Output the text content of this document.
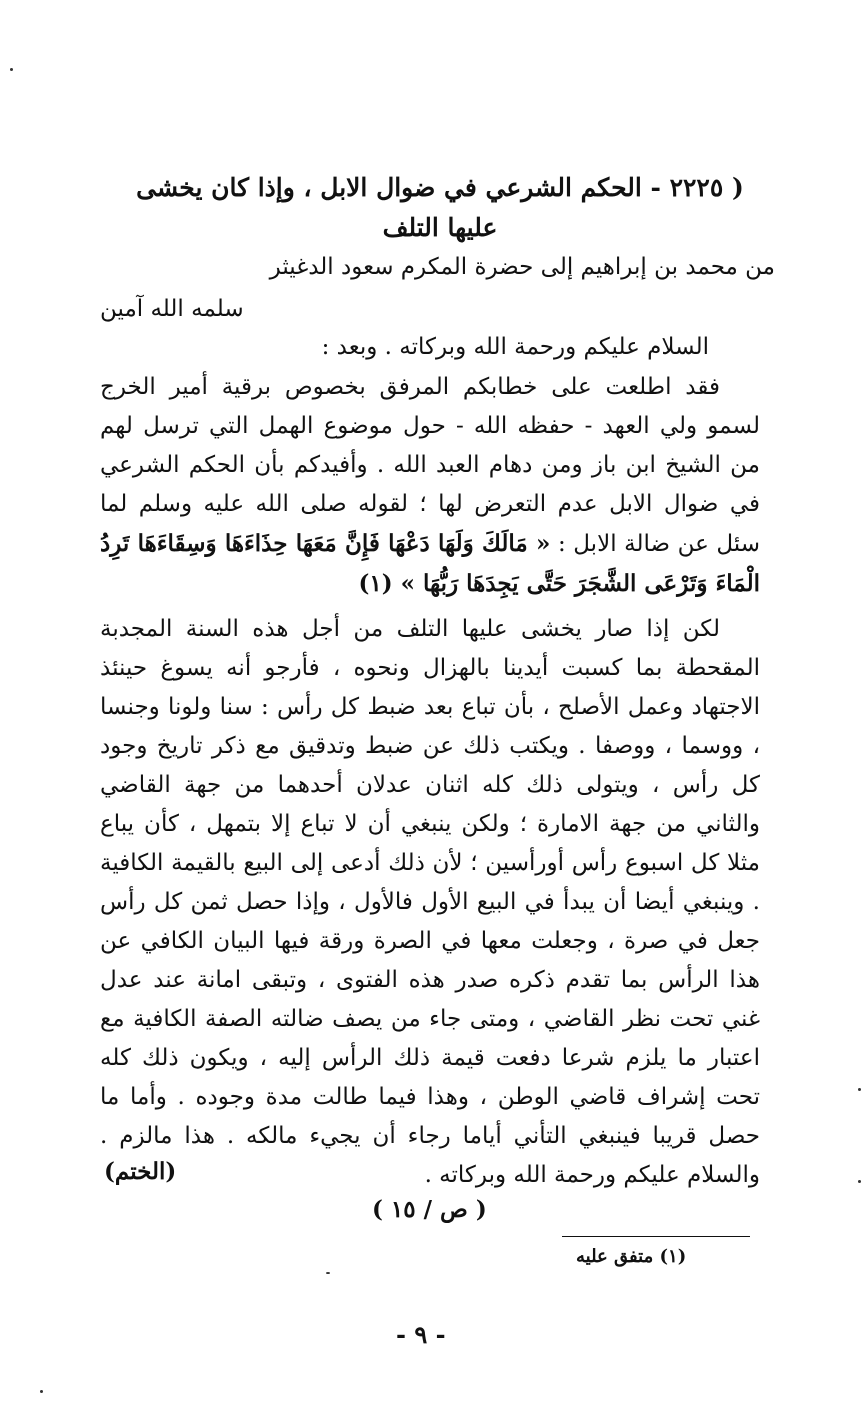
( ٢٢٢٥ - الحكم الشرعي في ضوال الابل ، وإذا كان يخشى عليها التلف
من محمد بن إبراهيم إلى حضرة المكرم سعود الدغيثر
سلمه الله آمين
السلام عليكم ورحمة الله وبركاته . وبعد :
فقد اطلعت على خطابكم المرفق بخصوص برقية أمير الخرج لسمو ولي العهد - حفظه الله - حول موضوع الهمل التي ترسل لهم من الشيخ ابن باز ومن دهام العبد الله . وأفيدكم بأن الحكم الشرعي في ضوال الابل عدم التعرض لها ؛ لقوله صلى الله عليه وسلم لما سئل عن ضالة الابل : « مَالَكَ وَلَهَا دَعْهَا فَإِنَّ مَعَهَا حِذَاءَهَا وَسِقَاءَهَا تَرِدُ الْمَاءَ وَتَرْعَى الشَّجَرَ حَتَّى يَجِدَهَا رَبُّهَا » (١)
لكن إذا صار يخشى عليها التلف من أجل هذه السنة المجدبة المقحطة بما كسبت أيدينا بالهزال ونحوه ، فأرجو أنه يسوغ حينئذ الاجتهاد وعمل الأصلح ، بأن تباع بعد ضبط كل رأس : سنا ولونا وجنسا ، ووسما ، ووصفا . ويكتب ذلك عن ضبط وتدقيق مع ذكر تاريخ وجود كل رأس ، ويتولى ذلك كله اثنان عدلان أحدهما من جهة القاضي والثاني من جهة الامارة ؛ ولكن ينبغي أن لا تباع إلا بتمهل ، كأن يباع مثلا كل اسبوع رأس أورأسين ؛ لأن ذلك أدعى إلى البيع بالقيمة الكافية . وينبغي أيضا أن يبدأ في البيع الأول فالأول ، وإذا حصل ثمن كل رأس جعل في صرة ، وجعلت معها في الصرة ورقة فيها البيان الكافي عن هذا الرأس بما تقدم ذكره صدر هذه الفتوى ، وتبقى امانة عند عدل غني تحت نظر القاضي ، ومتى جاء من يصف ضالته الصفة الكافية مع اعتبار ما يلزم شرعا دفعت قيمة ذلك الرأس إليه ، ويكون ذلك كله تحت إشراف قاضي الوطن ، وهذا فيما طالت مدة وجوده . وأما ما حصل قريبا فينبغي التأني أياما رجاء أن يجيء مالكه . هذا مالزم . والسلام عليكم ورحمة الله وبركاته .
(الختم)
( ص / ١٥ )
(١) متفق عليه
- ٩ -
